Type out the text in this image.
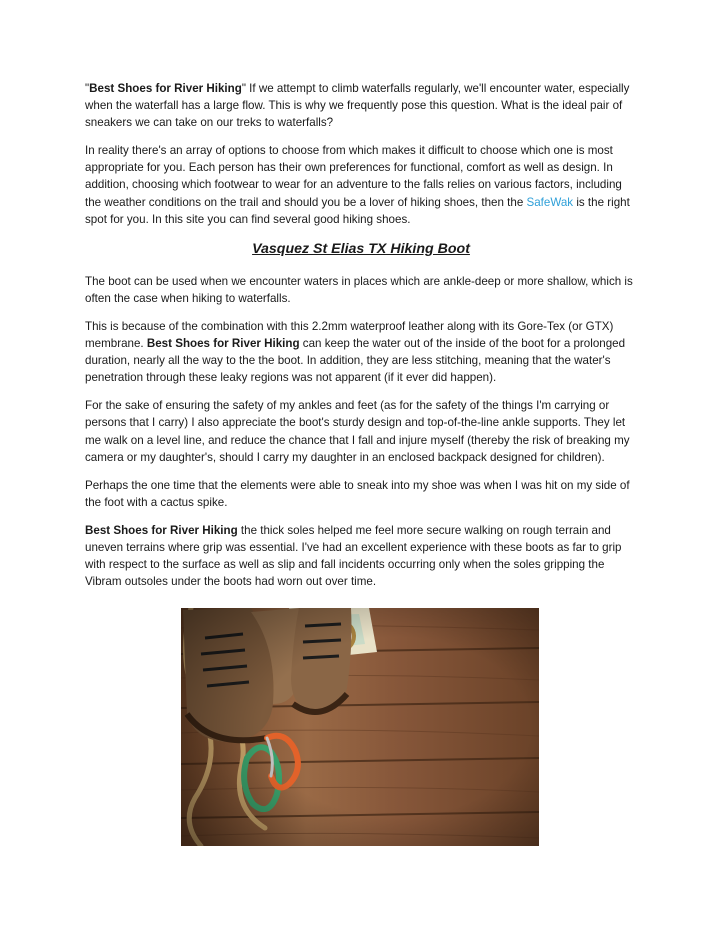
"Best Shoes for River Hiking" If we attempt to climb waterfalls regularly, we'll encounter water, especially when the waterfall has a large flow. This is why we frequently pose this question. What is the ideal pair of sneakers we can take on our treks to waterfalls?

In reality there's an array of options to choose from which makes it difficult to choose which one is most appropriate for you. Each person has their own preferences for functional, comfort as well as design. In addition, choosing which footwear to wear for an adventure to the falls relies on various factors, including the weather conditions on the trail and should you be a lover of hiking shoes, then the SafeWak is the right spot for you. In this site you can find several good hiking shoes.

Vasquez St Elias TX Hiking Boot

The boot can be used when we encounter waters in places which are ankle-deep or more shallow, which is often the case when hiking to waterfalls.

This is because of the combination with this 2.2mm waterproof leather along with its Gore-Tex (or GTX) membrane. Best Shoes for River Hiking can keep the water out of the inside of the boot for a prolonged duration, nearly all the way to the the boot. In addition, they are less stitching, meaning that the water's penetration through these leaky regions was not apparent (if it ever did happen).

For the sake of ensuring the safety of my ankles and feet (as for the safety of the things I'm carrying or persons that I carry) I also appreciate the boot's sturdy design and top-of-the-line ankle supports. They let me walk on a level line, and reduce the chance that I fall and injure myself (thereby the risk of breaking my camera or my daughter's, should I carry my daughter in an enclosed backpack designed for children).

Perhaps the one time that the elements were able to sneak into my shoe was when I was hit on my side of the foot with a cactus spike.

Best Shoes for River Hiking the thick soles helped me feel more secure walking on rough terrain and uneven terrains where grip was essential. I've had an excellent experience with these boots as far to grip with respect to the surface as well as slip and fall incidents occurring only when the soles gripping the Vibram outsoles under the boots had worn out over time.
